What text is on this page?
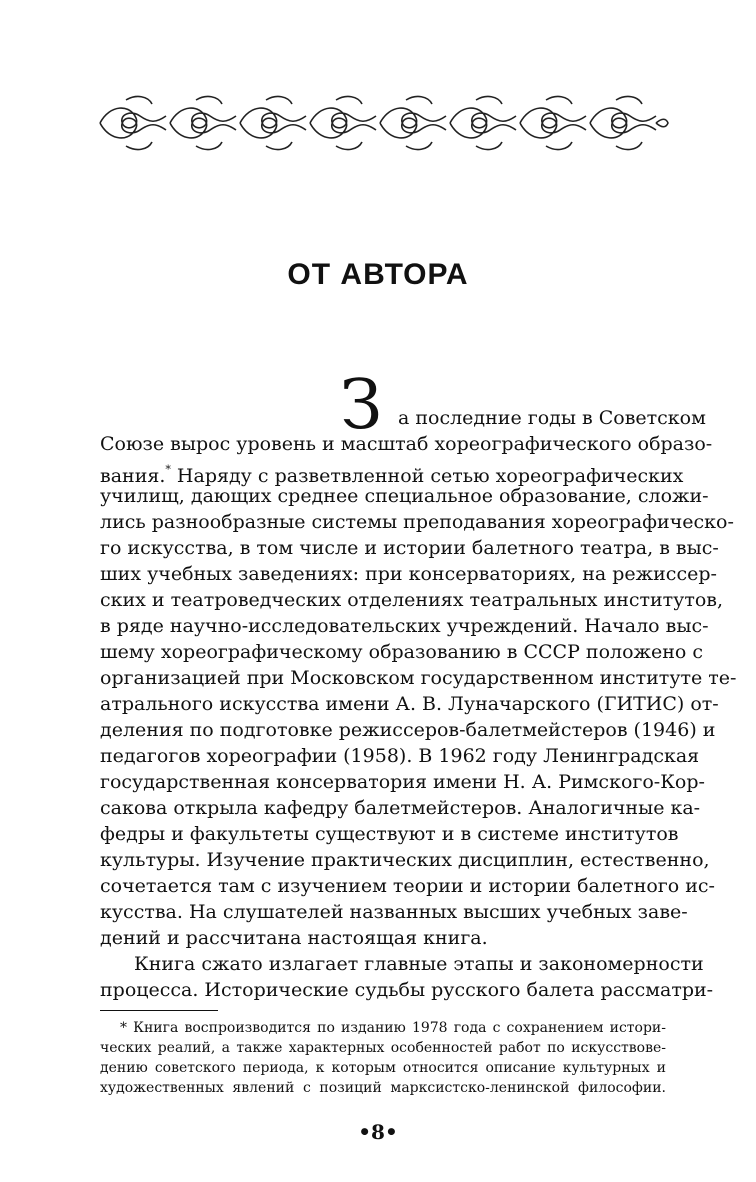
ОТ АВТОРА
З а последние годы в Советском
Союзе вырос уровень и масштаб хореографического образо-
вания.* Наряду с разветвленной сетью хореографических
училищ, дающих среднее специальное образование, сложи-
лись разнообразные системы преподавания хореографическо-
го искусства, в том числе и истории балетного театра, в выс-
ших учебных заведениях: при консерваториях, на режиссер-
ских и театроведческих отделениях театральных институтов,
в ряде научно-исследовательских учреждений. Начало выс-
шему хореографическому образованию в СССР положено с
организацией при Московском государственном институте те-
атрального искусства имени А. В. Луначарского (ГИТИС) от-
деления по подготовке режиссеров-балетмейстеров (1946) и
педагогов хореографии (1958). В 1962 году Ленинградская
государственная консерватория имени Н. А. Римского-Кор-
сакова открыла кафедру балетмейстеров. Аналогичные ка-
федры и факультеты существуют и в системе институтов
культуры. Изучение практических дисциплин, естественно,
сочетается там с изучением теории и истории балетного ис-
кусства. На слушателей названных высших учебных заве-
дений и рассчитана настоящая книга.
Книга сжато излагает главные этапы и закономерности
процесса. Исторические судьбы русского балета рассматри-
* Книга воспроизводится по изданию 1978 года с сохранением истори-
ческих реалий, а также характерных особенностей работ по искусствове-
дению советского периода, к которым относится описание культурных и
художественных явлений с позиций марксистско-ленинской философии.
•8•
